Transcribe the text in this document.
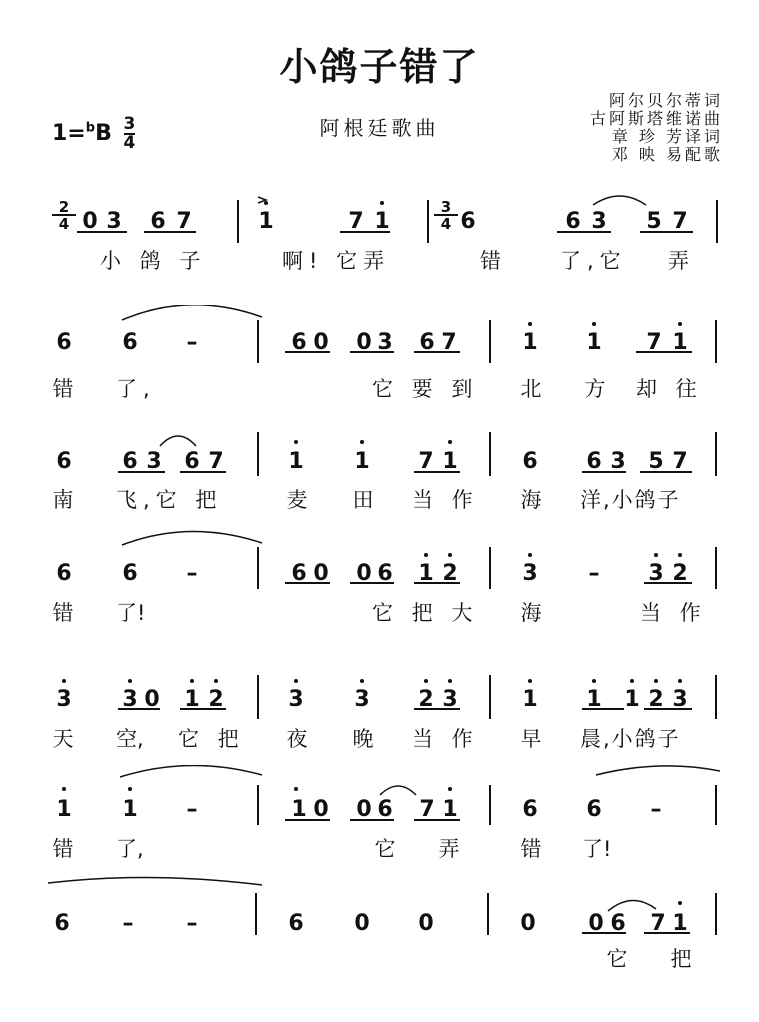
小鸽子错了
$1=^bB \frac{3}{4}$	阿根廷歌曲
阿尔贝尔蒂词
古阿斯塔维诺曲
章 珍 芳译词
邓 映 易配歌
2
4 0 3 6 7	1	7 1
3
4 6	6 3 5 7
小 鸽 子	啊! 它弄	错	了,它 弄
6 6 –	6 0 0 3 6 7	1 1 7 1
错 了,	它 要 到 北 方 却 往
6 6 3 6 7	1 1 7 1	6 6 3 5 7
南 飞,它 把	麦 田 当 作 海 洋,小鸽子
6 6 –	6 0 0 6 1 2	3 – 3 2
错 了!	它 把 大 海	当 作
3 3 0 1 2	3 3 2 3	1 1 1 2 3
天 空, 它 把 夜 晚 当 作 早 晨,小鸽子
1 1 –	1 0 0 6 7 1	6 6 –
错 了,	它 弄	错 了!
6 – –	6 0 0	0 0 6 7 1
它 把
